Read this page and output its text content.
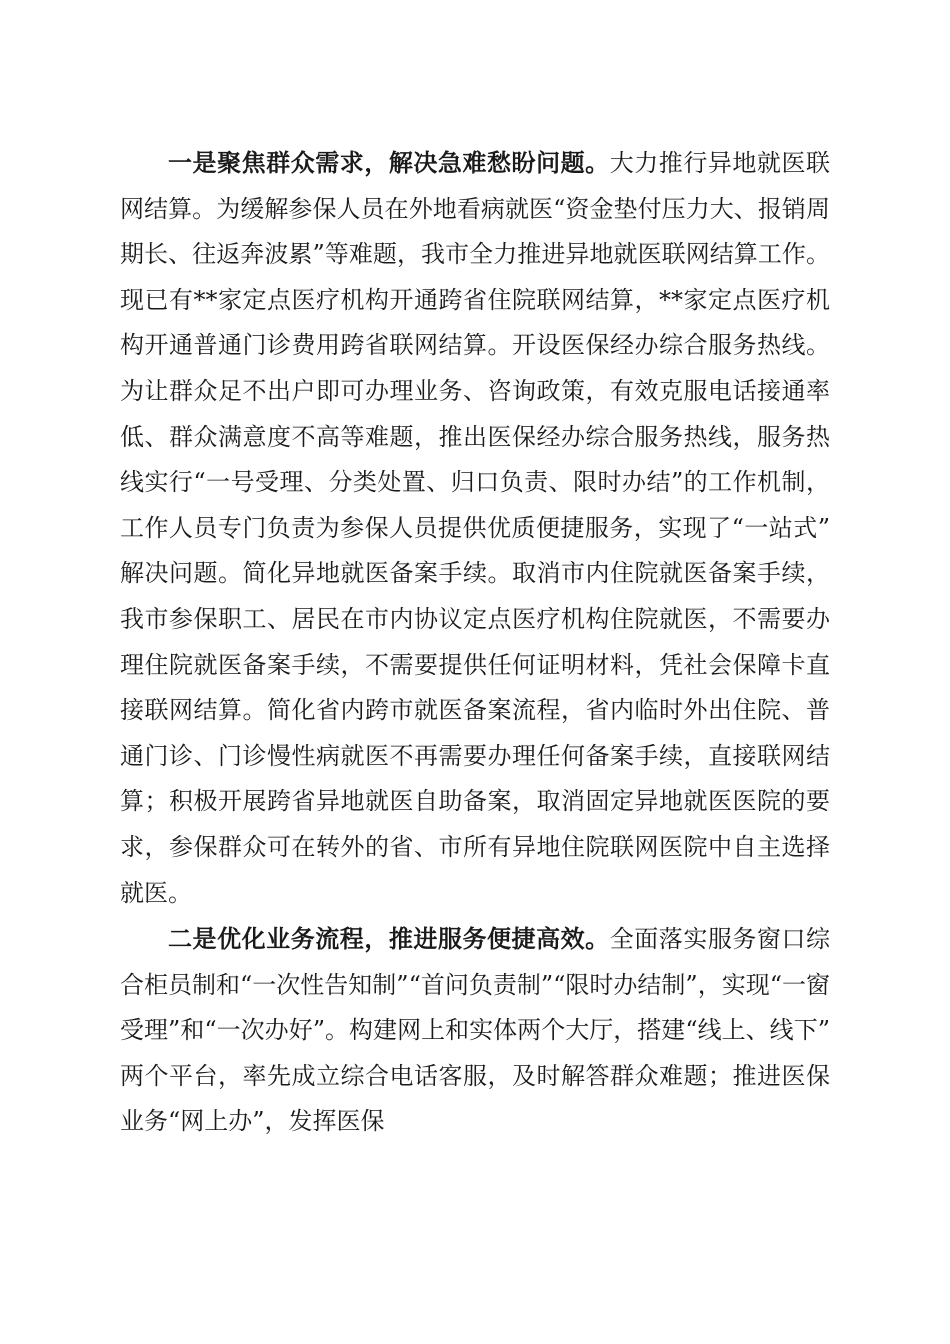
一是聚焦群众需求，解决急难愁盼问题。大力推行异地就医联网结算。为缓解参保人员在外地看病就医“资金垫付压力大、报销周期长、往返奔波累”等难题，我市全力推进异地就医联网结算工作。现已有**家定点医疗机构开通跨省住院联网结算，**家定点医疗机构开通普通门诊费用跨省联网结算。开设医保经办综合服务热线。为让群众足不出户即可办理业务、咨询政策，有效克服电话接通率低、群众满意度不高等难题，推出医保经办综合服务热线，服务热线实行“一号受理、分类处置、归口负责、限时办结”的工作机制，工作人员专门负责为参保人员提供优质便捷服务，实现了“一站式”解决问题。简化异地就医备案手续。取消市内住院就医备案手续，我市参保职工、居民在市内协议定点医疗机构住院就医，不需要办理住院就医备案手续，不需要提供任何证明材料，凭社会保障卡直接联网结算。简化省内跨市就医备案流程，省内临时外出住院、普通门诊、门诊慢性病就医不再需要办理任何备案手续，直接联网结算；积极开展跨省异地就医自助备案，取消固定异地就医医院的要求，参保群众可在转外的省、市所有异地住院联网医院中自主选择就医。

二是优化业务流程，推进服务便捷高效。全面落实服务窗口综合柜员制和“一次性告知制”“首问负责制”“限时办结制”，实现“一窗受理”和“一次办好”。构建网上和实体两个大厅，搭建“线上、线下”两个平台，率先成立综合电话客服，及时解答群众难题；推进医保业务“网上办”，发挥医保
